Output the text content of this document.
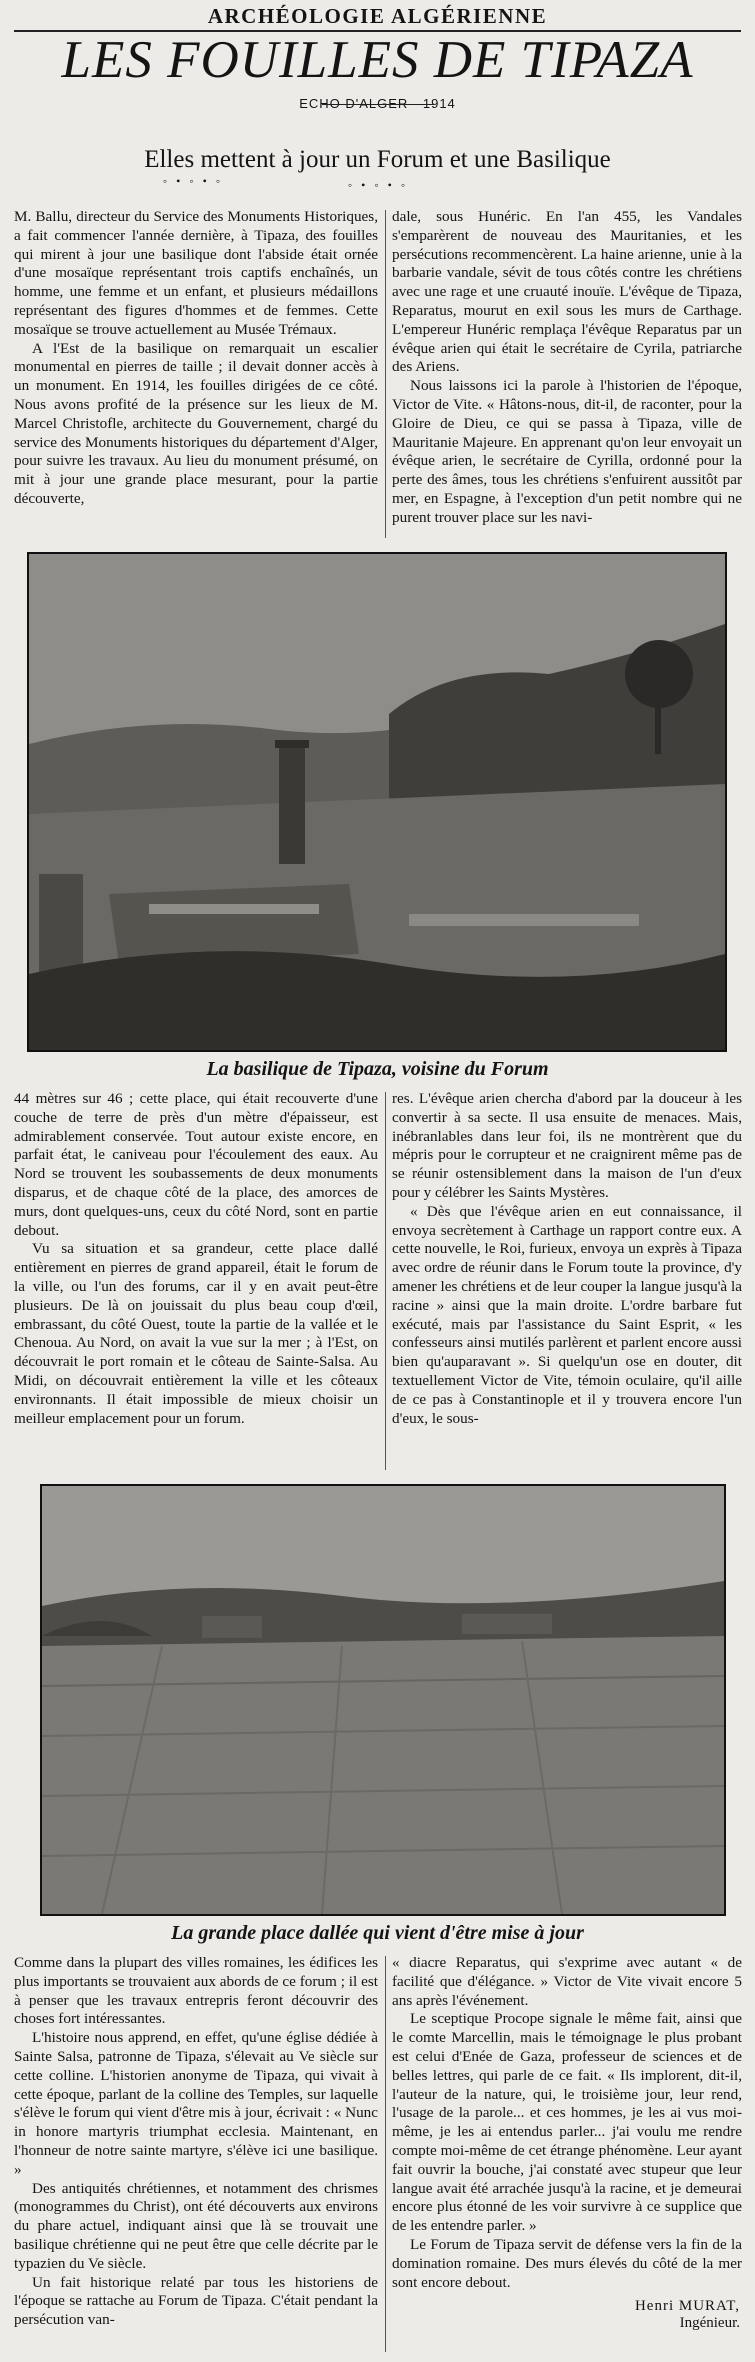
ARCHÉOLOGIE ALGÉRIENNE
LES FOUILLES DE TIPAZA
ECHO D'ALGER - 1914
◦ • ◦ • ◦
Elles mettent à jour un Forum et une Basilique
◦ • ◦ • ◦

M. Ballu, directeur du Service des Monuments Historiques, a fait commencer l'année dernière, à Tipaza, des fouilles qui mirent à jour une basilique dont l'abside était ornée d'une mosaïque représentant trois captifs enchaînés, un homme, une femme et un enfant, et plusieurs médaillons représentant des figures d'hommes et de femmes. Cette mosaïque se trouve actuellement au Musée Trémaux.

A l'Est de la basilique on remarquait un escalier monumental en pierres de taille ; il devait donner accès à un monument. En 1914, les fouilles dirigées de ce côté. Nous avons profité de la présence sur les lieux de M. Marcel Christofle, architecte du Gouvernement, chargé du service des Monuments historiques du département d'Alger, pour suivre les travaux. Au lieu du monument présumé, on mit à jour une grande place mesurant, pour la partie découverte,

dale, sous Hunéric. En l'an 455, les Vandales s'emparèrent de nouveau des Mauritanies, et les persécutions recommencèrent. La haine arienne, unie à la barbarie vandale, sévit de tous côtés contre les chrétiens avec une rage et une cruauté inouïe. L'évêque de Tipaza, Reparatus, mourut en exil sous les murs de Carthage. L'empereur Hunéric remplaça l'évêque Reparatus par un évêque arien qui était le secrétaire de Cyrila, patriarche des Ariens.

Nous laissons ici la parole à l'historien de l'époque, Victor de Vite. « Hâtons-nous, dit-il, de raconter, pour la Gloire de Dieu, ce qui se passa à Tipaza, ville de Mauritanie Majeure. En apprenant qu'on leur envoyait un évêque arien, le secrétaire de Cyrilla, ordonné pour la perte des âmes, tous les chrétiens s'enfuirent aussitôt par mer, en Espagne, à l'exception d'un petit nombre qui ne purent trouver place sur les navi-

La basilique de Tipaza, voisine du Forum

44 mètres sur 46 ; cette place, qui était recouverte d'une couche de terre de près d'un mètre d'épaisseur, est admirablement conservée. Tout autour existe encore, en parfait état, le caniveau pour l'écoulement des eaux. Au Nord se trouvent les soubassements de deux monuments disparus, et de chaque côté de la place, des amorces de murs, dont quelques-uns, ceux du côté Nord, sont en partie debout.

Vu sa situation et sa grandeur, cette place dallé entièrement en pierres de grand appareil, était le forum de la ville, ou l'un des forums, car il y en avait peut-être plusieurs. De là on jouissait du plus beau coup d'œil, embrassant, du côté Ouest, toute la partie de la vallée et le Chenoua. Au Nord, on avait la vue sur la mer ; à l'Est, on découvrait le port romain et le côteau de Sainte-Salsa. Au Midi, on découvrait entièrement la ville et les côteaux environnants. Il était impossible de mieux choisir un meilleur emplacement pour un forum.

res. L'évêque arien chercha d'abord par la douceur à les convertir à sa secte. Il usa ensuite de menaces. Mais, inébranlables dans leur foi, ils ne montrèrent que du mépris pour le corrupteur et ne craignirent même pas de se réunir ostensiblement dans la maison de l'un d'eux pour y célébrer les Saints Mystères.

« Dès que l'évêque arien en eut connaissance, il envoya secrètement à Carthage un rapport contre eux. A cette nouvelle, le Roi, furieux, envoya un exprès à Tipaza avec ordre de réunir dans le Forum toute la province, d'y amener les chrétiens et de leur couper la langue jusqu'à la racine » ainsi que la main droite. L'ordre barbare fut exécuté, mais par l'assistance du Saint Esprit, « les confesseurs ainsi mutilés parlèrent et parlent encore aussi bien qu'auparavant ». Si quelqu'un ose en douter, dit textuellement Victor de Vite, témoin oculaire, qu'il aille de ce pas à Constantinople et il y trouvera encore l'un d'eux, le sous-

La grande place dallée qui vient d'être mise à jour

Comme dans la plupart des villes romaines, les édifices les plus importants se trouvaient aux abords de ce forum ; il est à penser que les travaux entrepris feront découvrir des choses fort intéressantes.

L'histoire nous apprend, en effet, qu'une église dédiée à Sainte Salsa, patronne de Tipaza, s'élevait au Ve siècle sur cette colline. L'historien anonyme de Tipaza, qui vivait à cette époque, parlant de la colline des Temples, sur laquelle s'élève le forum qui vient d'être mis à jour, écrivait : « Nunc in honore martyris triumphat ecclesia. Maintenant, en l'honneur de notre sainte martyre, s'élève ici une basilique. »

Des antiquités chrétiennes, et notamment des chrismes (monogrammes du Christ), ont été découverts aux environs du phare actuel, indiquant ainsi que là se trouvait une basilique chrétienne qui ne peut être que celle décrite par le typazien du Ve siècle.

Un fait historique relaté par tous les historiens de l'époque se rattache au Forum de Tipaza. C'était pendant la persécution van-

« diacre Reparatus, qui s'exprime avec autant « de facilité que d'élégance. » Victor de Vite vivait encore 5 ans après l'événement.

Le sceptique Procope signale le même fait, ainsi que le comte Marcellin, mais le témoignage le plus probant est celui d'Enée de Gaza, professeur de sciences et de belles lettres, qui parle de ce fait. « Ils implorent, dit-il, l'auteur de la nature, qui, le troisième jour, leur rend, l'usage de la parole... et ces hommes, je les ai vus moi-même, je les ai entendus parler... j'ai voulu me rendre compte moi-même de cet étrange phénomène. Leur ayant fait ouvrir la bouche, j'ai constaté avec stupeur que leur langue avait été arrachée jusqu'à la racine, et je demeurai encore plus étonné de les voir survivre à ce supplice que de les entendre parler. »

Le Forum de Tipaza servit de défense vers la fin de la domination romaine. Des murs élevés du côté de la mer sont encore debout.

Henri MURAT,
Ingénieur.
